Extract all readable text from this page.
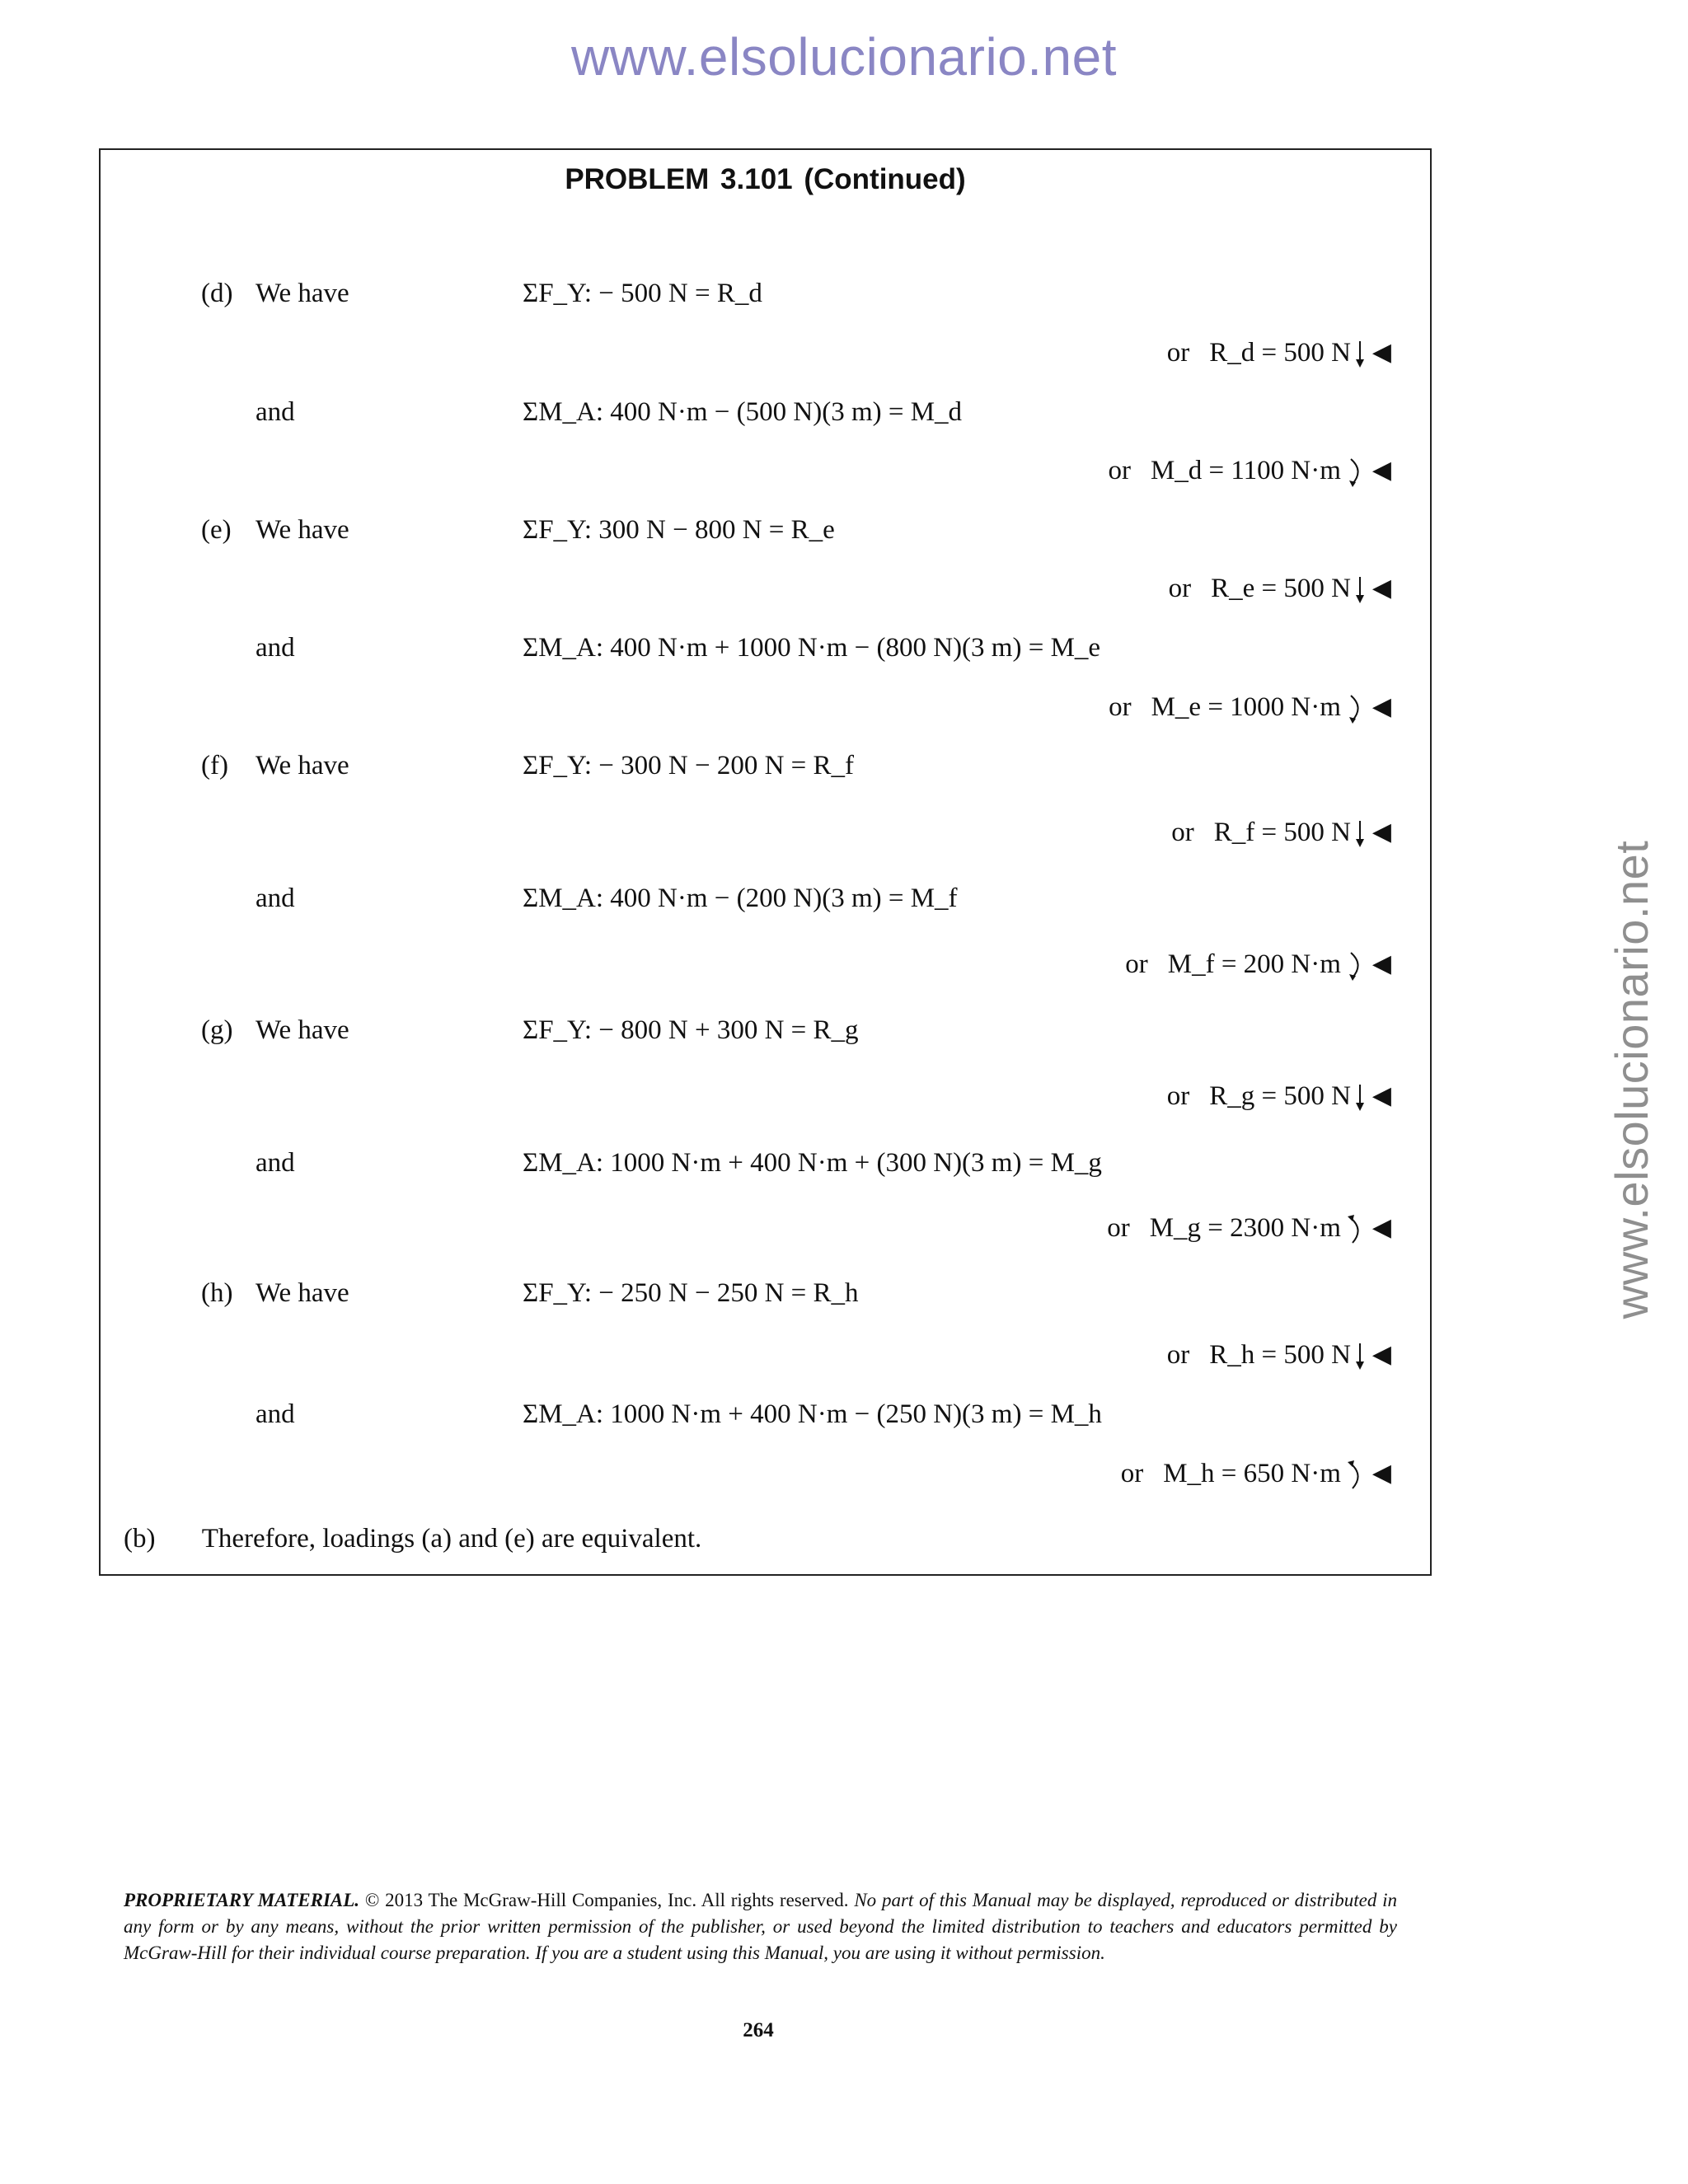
www.elsolucionario.net
www.elsolucionario.net
PROBLEM 3.101 (Continued)
(d) We have	ΣF_Y: − 500 N = R_d
or R_d = 500 N ◀
and	ΣM_A: 400 N·m − (500 N)(3 m) = M_d
or M_d = 1100 N·m ◀
(e) We have	ΣF_Y: 300 N − 800 N = R_e
or R_e = 500 N ◀
and	ΣM_A: 400 N·m + 1000 N·m − (800 N)(3 m) = M_e
or M_e = 1000 N·m ◀
(f) We have	ΣF_Y: − 300 N − 200 N = R_f
or R_f = 500 N ◀
and	ΣM_A: 400 N·m − (200 N)(3 m) = M_f
or M_f = 200 N·m ◀
(g) We have	ΣF_Y: − 800 N + 300 N = R_g
or R_g = 500 N ◀
and	ΣM_A: 1000 N·m + 400 N·m + (300 N)(3 m) = M_g
or M_g = 2300 N·m ◀
(h) We have	ΣF_Y: − 250 N − 250 N = R_h
or R_h = 500 N ◀
and	ΣM_A: 1000 N·m + 400 N·m − (250 N)(3 m) = M_h
or M_h = 650 N·m ◀
(b) Therefore, loadings (a) and (e) are equivalent.
PROPRIETARY MATERIAL. © 2013 The McGraw-Hill Companies, Inc. All rights reserved. No part of this Manual may be displayed, reproduced or distributed in any form or by any means, without the prior written permission of the publisher, or used beyond the limited distribution to teachers and educators permitted by McGraw-Hill for their individual course preparation. If you are a student using this Manual, you are using it without permission.
264
